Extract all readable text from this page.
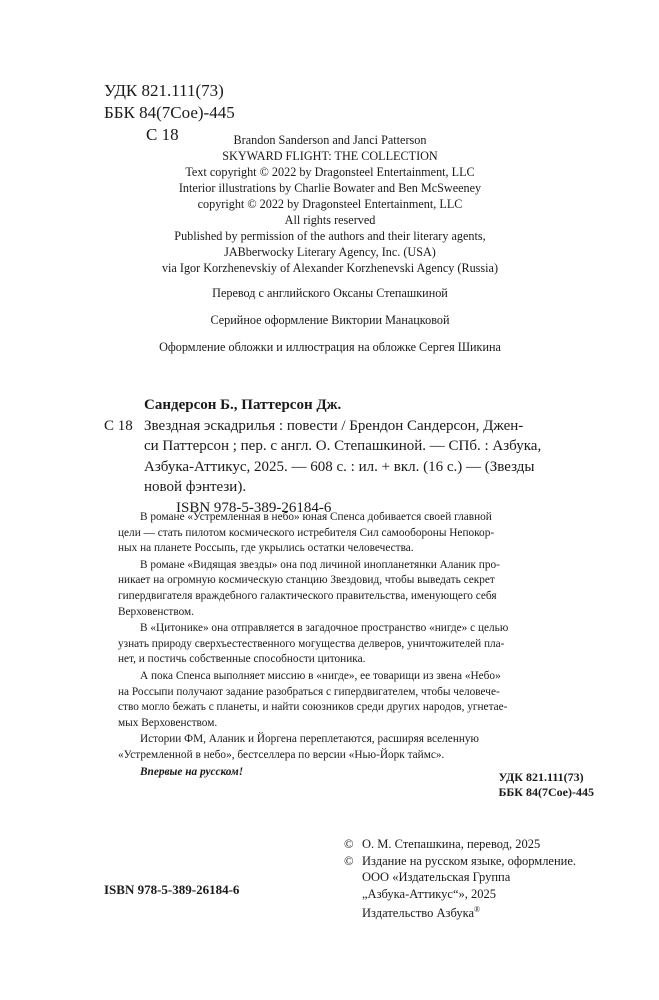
УДК 821.111(73)
ББК 84(7Сое)-445
С 18	Brandon Sanderson and Janci Patterson

SKYWARD FLIGHT: THE COLLECTION

Text copyright © 2022 by Dragonsteel Entertainment, LLC

Interior illustrations by Charlie Bowater and Ben McSweeney

copyright © 2022 by Dragonsteel Entertainment, LLC

All rights reserved

Published by permission of the authors and their literary agents,

JABberwocky Literary Agency, Inc. (USA)

via Igor Korzhenevskiy of Alexander Korzhenevski Agency (Russia)

Перевод с английского Оксаны Степашкиной

Серийное оформление Виктории Манацковой

Оформление обложки и иллюстрация на обложке Сергея Шикина

Сандерсон Б., Паттерсон Дж.
С 18 Звездная эскадрилья : повести / Брендон Сандерсон, Джен-
си Паттерсон ; пер. с англ. О. Степашкиной. — СПб. : Азбука,
Азбука-Аттикус, 2025. — 608 с. : ил. + вкл. (16 с.) — (Звезды
новой фэнтези).
ISBN 978-5-389-26184-6

В романе «Устремленная в небо» юная Спенса добивается своей главной
цели — стать пилотом космического истребителя Сил самообороны Непокор-
ных на планете Россыпь, где укрылись остатки человечества.

В романе «Видящая звезды» она под личиной инопланетянки Аланик про-
никает на огромную космическую станцию Звездовид, чтобы выведать секрет
гипердвигателя враждебного галактического правительства, именующего себя
Верховенством.

В «Цитонике» она отправляется в загадочное пространство «нигде» с целью
узнать природу сверхъестественного могущества делверов, уничтожителей пла-
нет, и постичь собственные способности цитоника.

А пока Спенса выполняет миссию в «нигде», ее товарищи из звена «Небо»
на Россыпи получают задание разобраться с гипердвигателем, чтобы человече-
ство могло бежать с планеты, и найти союзников среди других народов, угнетае-
мых Верховенством.

Истории ФМ, Аланик и Йоргена переплетаются, расширяя вселенную
«Устремленной в небо», бестселлера по версии «Нью-Йорк таймс».

Впервые на русском!	УДК 821.111(73)
ББК 84(7Сое)-445
© О. М. Степашкина, перевод, 2025
© Издание на русском языке, оформление.
ООО «Издательская Группа
„Азбука-Аттикус“», 2025
Издательство Азбука®
ISBN 978-5-389-26184-6
